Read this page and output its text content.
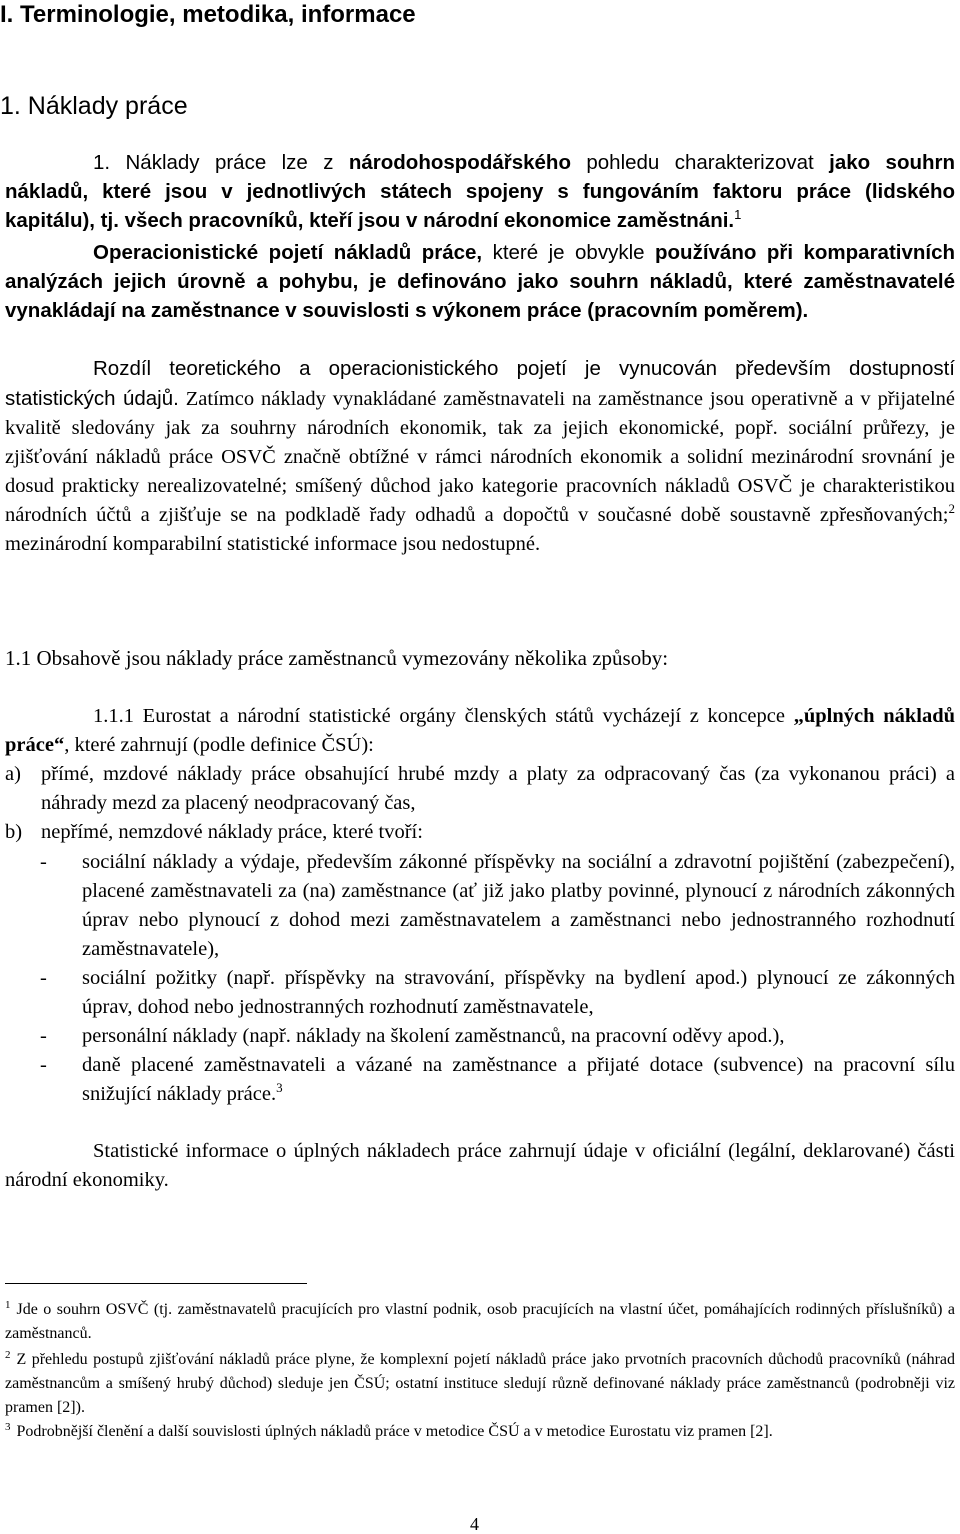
I. Terminologie, metodika, informace
1. Náklady práce

1. Náklady práce lze z národohospodářského pohledu charakterizovat jako souhrn nákladů, které jsou v jednotlivých státech spojeny s fungováním faktoru práce (lidského kapitálu), tj. všech pracovníků, kteří jsou v národní ekonomice zaměstnáni.$^1$

Operacionistické pojetí nákladů práce, které je obvykle používáno při komparativních analýzách jejich úrovně a pohybu, je definováno jako souhrn nákladů, které zaměstnavatelé vynakládají na zaměstnance v souvislosti s výkonem práce (pracovním poměrem).

Rozdíl teoretického a operacionistického pojetí je vynucován především dostupností statistických údajů. Zatímco náklady vynakládané zaměstnavateli na zaměstnance jsou operativně a v přijatelné kvalitě sledovány jak za souhrny národních ekonomik, tak za jejich ekonomické, popř. sociální průřezy, je zjišťování nákladů práce OSVČ značně obtížné v rámci národních ekonomik a solidní mezinárodní srovnání je dosud prakticky nerealizovatelné; smíšený důchod jako kategorie pracovních nákladů OSVČ je charakteristikou národních účtů a zjišťuje se na podkladě řady odhadů a dopočtů v současné době soustavně zpřesňovaných;$^2$ mezinárodní komparabilní statistické informace jsou nedostupné.

1.1 Obsahově jsou náklady práce zaměstnanců vymezovány několika způsoby:

1.1.1 Eurostat a národní statistické orgány členských států vycházejí z koncepce „úplných nákladů práce“, které zahrnují (podle definice ČSÚ):

a) přímé, mzdové náklady práce obsahující hrubé mzdy a platy za odpracovaný čas (za vykonanou práci) a náhrady mezd za placený neodpracovaný čas,

b) nepřímé, nemzdové náklady práce, které tvoří:

- sociální náklady a výdaje, především zákonné příspěvky na sociální a zdravotní pojištění (zabezpečení), placené zaměstnavateli za (na) zaměstnance (ať již jako platby povinné, plynoucí z národních zákonných úprav nebo plynoucí z dohod mezi zaměstnavatelem a zaměstnanci nebo jednostranného rozhodnutí zaměstnavatele),

- sociální požitky (např. příspěvky na stravování, příspěvky na bydlení apod.) plynoucí ze zákonných úprav, dohod nebo jednostranných rozhodnutí zaměstnavatele,

- personální náklady (např. náklady na školení zaměstnanců, na pracovní oděvy apod.),

- daně placené zaměstnavateli a vázané na zaměstnance a přijaté dotace (subvence) na pracovní sílu snižující náklady práce.$^3$

Statistické informace o úplných nákladech práce zahrnují údaje v oficiální (legální, deklarované) části národní ekonomiky.

$^1$ Jde o souhrn OSVČ (tj. zaměstnavatelů pracujících pro vlastní podnik, osob pracujících na vlastní účet, pomáhajících rodinných příslušníků) a zaměstnanců.

$^2$ Z přehledu postupů zjišťování nákladů práce plyne, že komplexní pojetí nákladů práce jako prvotních pracovních důchodů pracovníků (náhrad zaměstnancům a smíšený hrubý důchod) sleduje jen ČSÚ; ostatní instituce sledují různě definované náklady práce zaměstnanců (podrobněji viz pramen [2]).

$^3$ Podrobnější členění a další souvislosti úplných nákladů práce v metodice ČSÚ a v metodice Eurostatu viz pramen [2].

4
